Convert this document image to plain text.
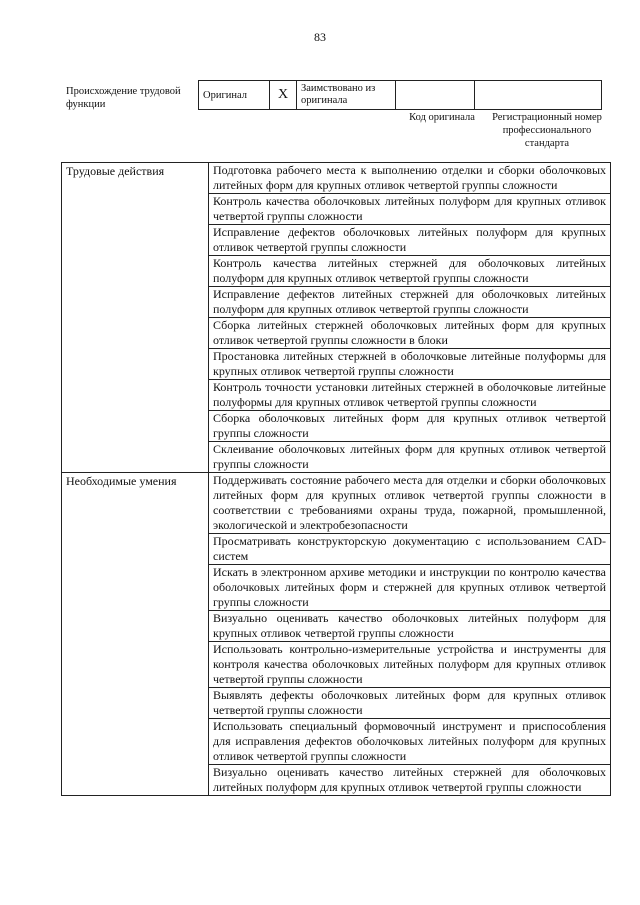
83
Происхождение трудовой функции
Оригинал	X	Заимствовано из оригинала		
Код оригинала	Регистрационный номер профессионального стандарта
Трудовые действия	Подготовка рабочего места к выполнению отделки и сборки оболочковых литейных форм для крупных отливок четвертой группы сложности
	Контроль качества оболочковых литейных полуформ для крупных отливок четвертой группы сложности
	Исправление дефектов оболочковых литейных полуформ для крупных отливок четвертой группы сложности
	Контроль качества литейных стержней для оболочковых литейных полуформ для крупных отливок четвертой группы сложности
	Исправление дефектов литейных стержней для оболочковых литейных полуформ для крупных отливок четвертой группы сложности
	Сборка литейных стержней оболочковых литейных форм для крупных отливок четвертой группы сложности в блоки
	Простановка литейных стержней в оболочковые литейные полуформы для крупных отливок четвертой группы сложности
	Контроль точности установки литейных стержней в оболочковые литейные полуформы для крупных отливок четвертой группы сложности
	Сборка оболочковых литейных форм для крупных отливок четвертой группы сложности
	Склеивание оболочковых литейных форм для крупных отливок четвертой группы сложности
Необходимые умения	Поддерживать состояние рабочего места для отделки и сборки оболочковых литейных форм для крупных отливок четвертой группы сложности в соответствии с требованиями охраны труда, пожарной, промышленной, экологической и электробезопасности
	Просматривать конструкторскую документацию с использованием CAD-систем
	Искать в электронном архиве методики и инструкции по контролю качества оболочковых литейных форм и стержней для крупных отливок четвертой группы сложности
	Визуально оценивать качество оболочковых литейных полуформ для крупных отливок четвертой группы сложности
	Использовать контрольно-измерительные устройства и инструменты для контроля качества оболочковых литейных полуформ для крупных отливок четвертой группы сложности
	Выявлять дефекты оболочковых литейных форм для крупных отливок четвертой группы сложности
	Использовать специальный формовочный инструмент и приспособления для исправления дефектов оболочковых литейных полуформ для крупных отливок четвертой группы сложности
	Визуально оценивать качество литейных стержней для оболочковых литейных полуформ для крупных отливок четвертой группы сложности
